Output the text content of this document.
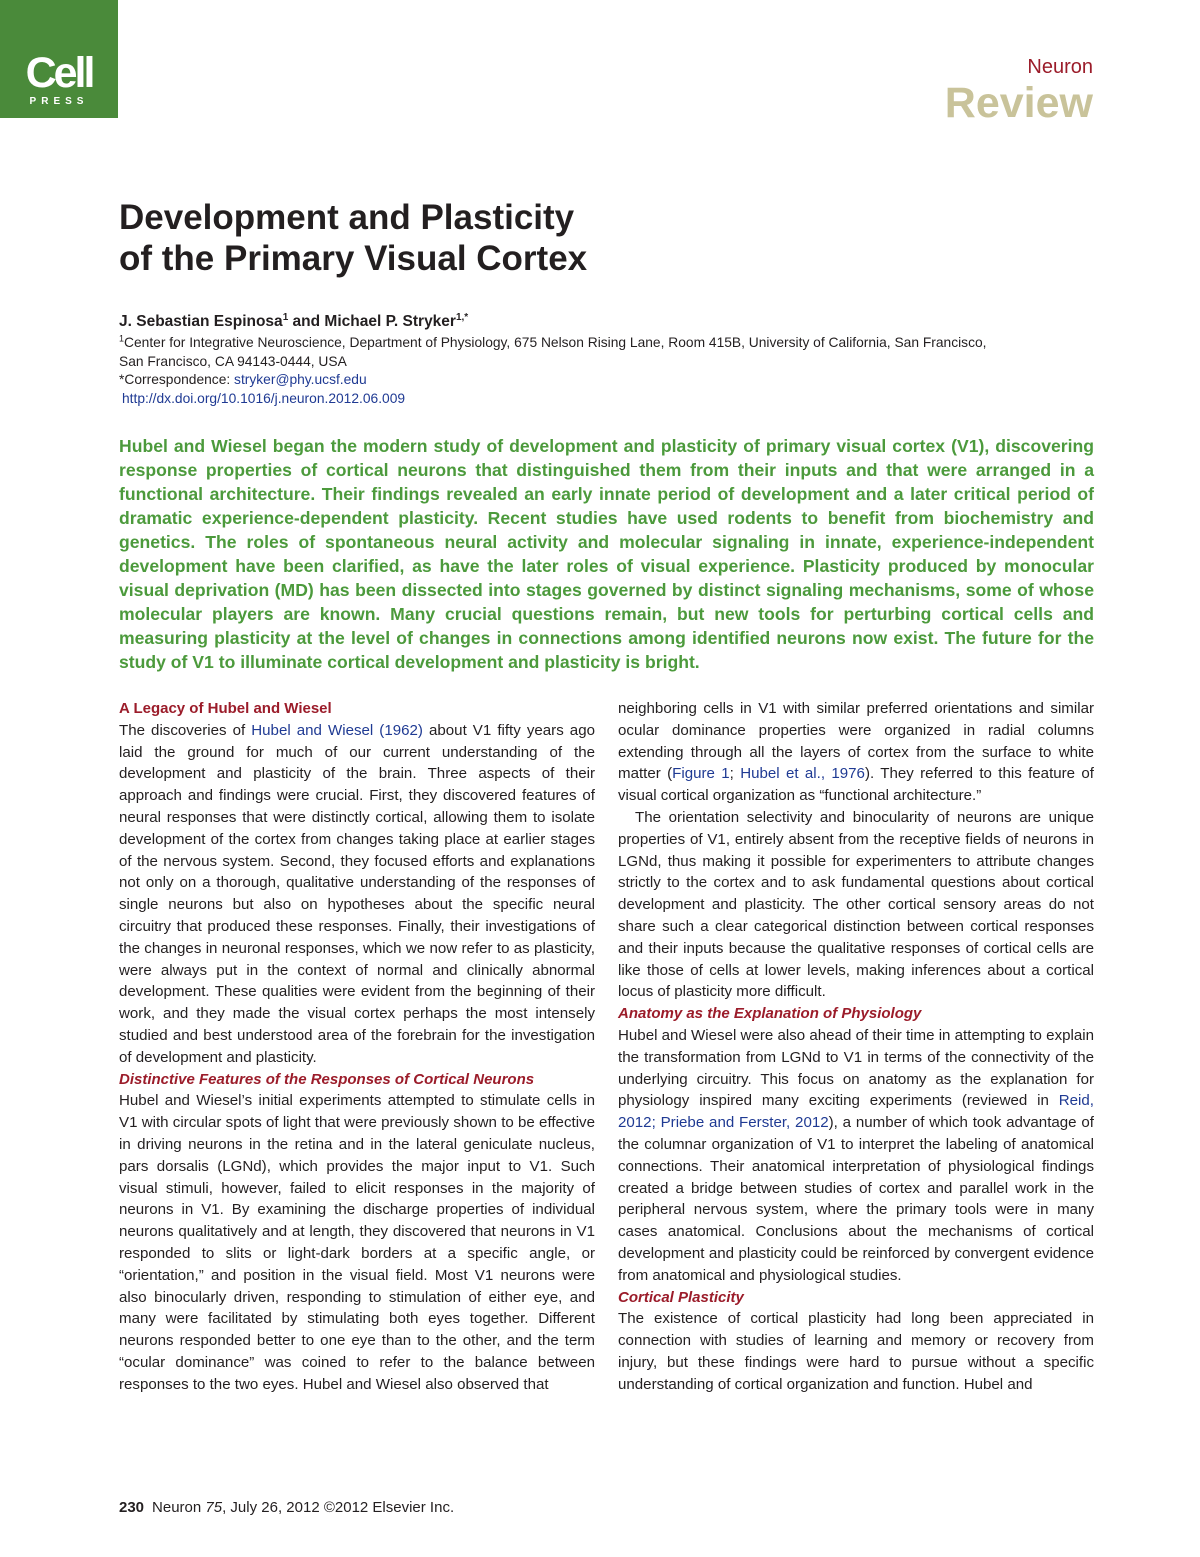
Cell
PRESS
Neuron
Review
Development and Plasticity
of the Primary Visual Cortex
J. Sebastian Espinosa$^1$ and Michael P. Stryker$^{1,*}$
$^1$Center for Integrative Neuroscience, Department of Physiology, 675 Nelson Rising Lane, Room 415B, University of California, San Francisco,
San Francisco, CA 94143-0444, USA
*Correspondence: stryker@phy.ucsf.edu
http://dx.doi.org/10.1016/j.neuron.2012.06.009

Hubel and Wiesel began the modern study of development and plasticity of primary visual cortex (V1), discovering response properties of cortical neurons that distinguished them from their inputs and that were arranged in a functional architecture. Their findings revealed an early innate period of development and a later critical period of dramatic experience-dependent plasticity. Recent studies have used rodents to benefit from biochemistry and genetics. The roles of spontaneous neural activity and molecular signaling in innate, experience-independent development have been clarified, as have the later roles of visual experience. Plasticity produced by monocular visual deprivation (MD) has been dissected into stages governed by distinct signaling mechanisms, some of whose molecular players are known. Many crucial questions remain, but new tools for perturbing cortical cells and measuring plasticity at the level of changes in connections among identified neurons now exist. The future for the study of V1 to illuminate cortical development and plasticity is bright.

A Legacy of Hubel and Wiesel

The discoveries of Hubel and Wiesel (1962) about V1 fifty years ago laid the ground for much of our current understanding of the development and plasticity of the brain. Three aspects of their approach and findings were crucial. First, they discovered features of neural responses that were distinctly cortical, allowing them to isolate development of the cortex from changes taking place at earlier stages of the nervous system. Second, they focused efforts and explanations not only on a thorough, qualitative understanding of the responses of single neurons but also on hypotheses about the specific neural circuitry that produced these responses. Finally, their investigations of the changes in neuronal responses, which we now refer to as plasticity, were always put in the context of normal and clinically abnormal development. These qualities were evident from the beginning of their work, and they made the visual cortex perhaps the most intensely studied and best understood area of the forebrain for the investigation of development and plasticity.

Distinctive Features of the Responses of Cortical Neurons

Hubel and Wiesel’s initial experiments attempted to stimulate cells in V1 with circular spots of light that were previously shown to be effective in driving neurons in the retina and in the lateral geniculate nucleus, pars dorsalis (LGNd), which provides the major input to V1. Such visual stimuli, however, failed to elicit responses in the majority of neurons in V1. By examining the discharge properties of individual neurons qualitatively and at length, they discovered that neurons in V1 responded to slits or light-dark borders at a specific angle, or “orientation,” and position in the visual field. Most V1 neurons were also binocularly driven, responding to stimulation of either eye, and many were facilitated by stimulating both eyes together. Different neurons responded better to one eye than to the other, and the term “ocular dominance” was coined to refer to the balance between responses to the two eyes. Hubel and Wiesel also observed that

neighboring cells in V1 with similar preferred orientations and similar ocular dominance properties were organized in radial columns extending through all the layers of cortex from the surface to white matter (Figure 1; Hubel et al., 1976). They referred to this feature of visual cortical organization as “functional architecture.”

The orientation selectivity and binocularity of neurons are unique properties of V1, entirely absent from the receptive fields of neurons in LGNd, thus making it possible for experimenters to attribute changes strictly to the cortex and to ask fundamental questions about cortical development and plasticity. The other cortical sensory areas do not share such a clear categorical distinction between cortical responses and their inputs because the qualitative responses of cortical cells are like those of cells at lower levels, making inferences about a cortical locus of plasticity more difficult.

Anatomy as the Explanation of Physiology

Hubel and Wiesel were also ahead of their time in attempting to explain the transformation from LGNd to V1 in terms of the connectivity of the underlying circuitry. This focus on anatomy as the explanation for physiology inspired many exciting experiments (reviewed in Reid, 2012; Priebe and Ferster, 2012), a number of which took advantage of the columnar organization of V1 to interpret the labeling of anatomical connections. Their anatomical interpretation of physiological findings created a bridge between studies of cortex and parallel work in the peripheral nervous system, where the primary tools were in many cases anatomical. Conclusions about the mechanisms of cortical development and plasticity could be reinforced by convergent evidence from anatomical and physiological studies.

Cortical Plasticity

The existence of cortical plasticity had long been appreciated in connection with studies of learning and memory or recovery from injury, but these findings were hard to pursue without a specific understanding of cortical organization and function. Hubel and

230 Neuron 75, July 26, 2012 ©2012 Elsevier Inc.
